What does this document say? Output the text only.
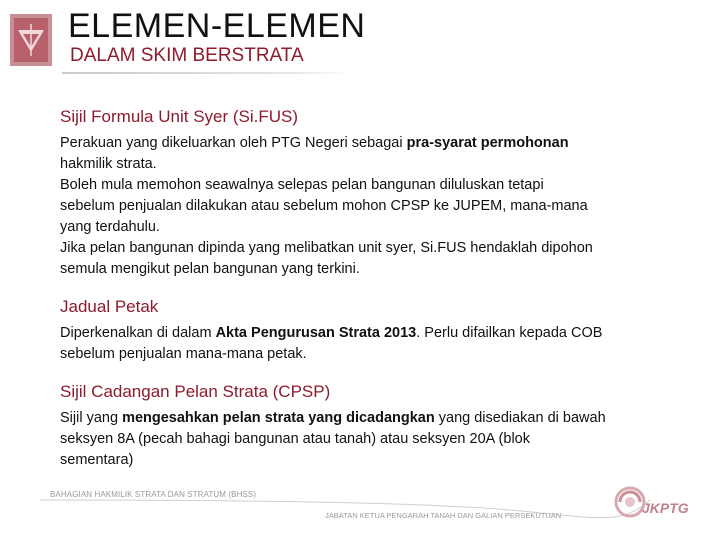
ELEMEN-ELEMEN
DALAM SKIM BERSTRATA
Sijil Formula Unit Syer (Si.FUS)
Perakuan yang dikeluarkan oleh PTG Negeri sebagai pra-syarat permohonan
hakmilik strata.
Boleh mula memohon seawalnya selepas pelan bangunan diluluskan tetapi
sebelum penjualan dilakukan atau sebelum mohon CPSP ke JUPEM, mana-mana
yang terdahulu.
Jika pelan bangunan dipinda yang melibatkan unit syer, Si.FUS hendaklah dipohon
semula mengikut pelan bangunan yang terkini.
Jadual Petak
Diperkenalkan di dalam Akta Pengurusan Strata 2013. Perlu difailkan kepada COB
sebelum penjualan mana-mana petak.
Sijil Cadangan Pelan Strata (CPSP)
Sijil yang mengesahkan pelan strata yang dicadangkan yang disediakan di bawah
seksyen 8A (pecah bahagi bangunan atau tanah) atau seksyen 20A (blok
sementara)
BAHAGIAN HAKMILIK STRATA DAN STRATUM (BHSS)
JABATAN KETUA PENGARAH TANAH DAN GALIAN PERSEKUTUAN	JKPTG
